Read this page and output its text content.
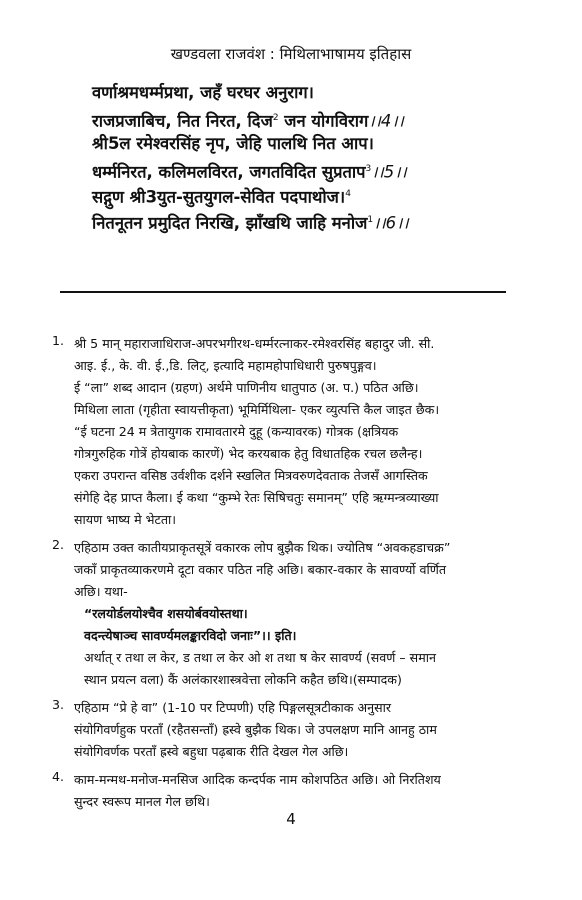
खण्डवला राजवंश : मिथिलाभाषामय इतिहास
वर्णाश्रमधर्म्मप्रथा, जहँ घरघर अनुराग।
राजप्रजाबिच, नित निरत, दिज$^2$ जन योगविराग।।4।।
श्री5ल रमेश्वरसिंह नृप, जेहि पालथि नित आप।
धर्म्मनिरत, कलिमलविरत, जगतविदित सुप्रताप$^3$।।5।।
सद्गुण श्री3युत-सुतयुगल-सेवित पदपाथोज।$^4$
नितनूतन प्रमुदित निरखि, झाँखथि जाहि मनोज$^1$।।6।।
1. श्री 5 मान् महाराजाधिराज-अपरभगीरथ-धर्म्मरत्नाकर-रमेश्वरसिंह बहादुर जी. सी.
आइ. ई., के. वी. ई.,डि. लिट्, इत्यादि महामहोपाधिधारी पुरुषपुङ्गव।
ई “ला” शब्द आदान (ग्रहण) अर्थमे पाणिनीय धातुपाठ (अ. प.) पठित अछि।
मिथिला लाता (गृहीता स्वायत्तीकृता) भूमिर्मिथिला- एकर व्युत्पत्ति कैल जाइत छैक।
“ई घटना 24 म त्रेतायुगक रामावतारमे दुहू (कन्यावरक) गोत्रक (क्षत्रियक
गोत्रगुरुहिक गोत्रें होयबाक कारणें) भेद करयबाक हेतु विधातहिक रचल छलैन्ह।
एकरा उपरान्त वसिष्ठ उर्वशीक दर्शने स्खलित मित्रवरुणदेवताक तेजसँ आगस्तिक
संगेहि देह प्राप्त कैला। ई कथा “कुम्भे रेतः सिषिचतुः समानम्” एहि ऋग्मन्त्रव्याख्या
सायण भाष्य मे भेटता।
2. एहिठाम उक्त कातीयप्राकृतसूत्रें वकारक लोप बुझैक थिक। ज्योतिष “अवकहडाचक्र”
जकाँ प्राकृतव्याकरणमे दूटा वकार पठित नहि अछि। बकार-वकार के सावर्ण्यो वर्णित
अछि। यथा-
“रलयोर्डलयोश्चैव शसयोर्बवयोस्तथा।
वदन्त्येषाञ्च सावर्ण्यमलङ्कारविदो जनाः”।। इति।
अर्थात् र तथा ल केर, ड तथा ल केर ओ श तथा ष केर सावर्ण्य (सवर्ण – समान
स्थान प्रयत्न वला) कैं अलंकारशास्त्रवेत्ता लोकनि कहैत छथि।(सम्पादक)
3. एहिठाम “प्रे हे वा” (1-10 पर टिप्पणी) एहि पिङ्गलसूत्रटीकाक अनुसार
संयोगिवर्णहुक परताँ (रहैतसन्ताँ) ह्रस्वे बुझैक थिक। जे उपलक्षण मानि आनहु ठाम
संयोगिवर्णक परताँ ह्रस्वे बहुधा पढ़बाक रीति देखल गेल अछि।
4. काम-मन्मथ-मनोज-मनसिज आदिक कन्दर्पक नाम कोशपठित अछि। ओ निरतिशय
सुन्दर स्वरूप मानल गेल छथि।
4
